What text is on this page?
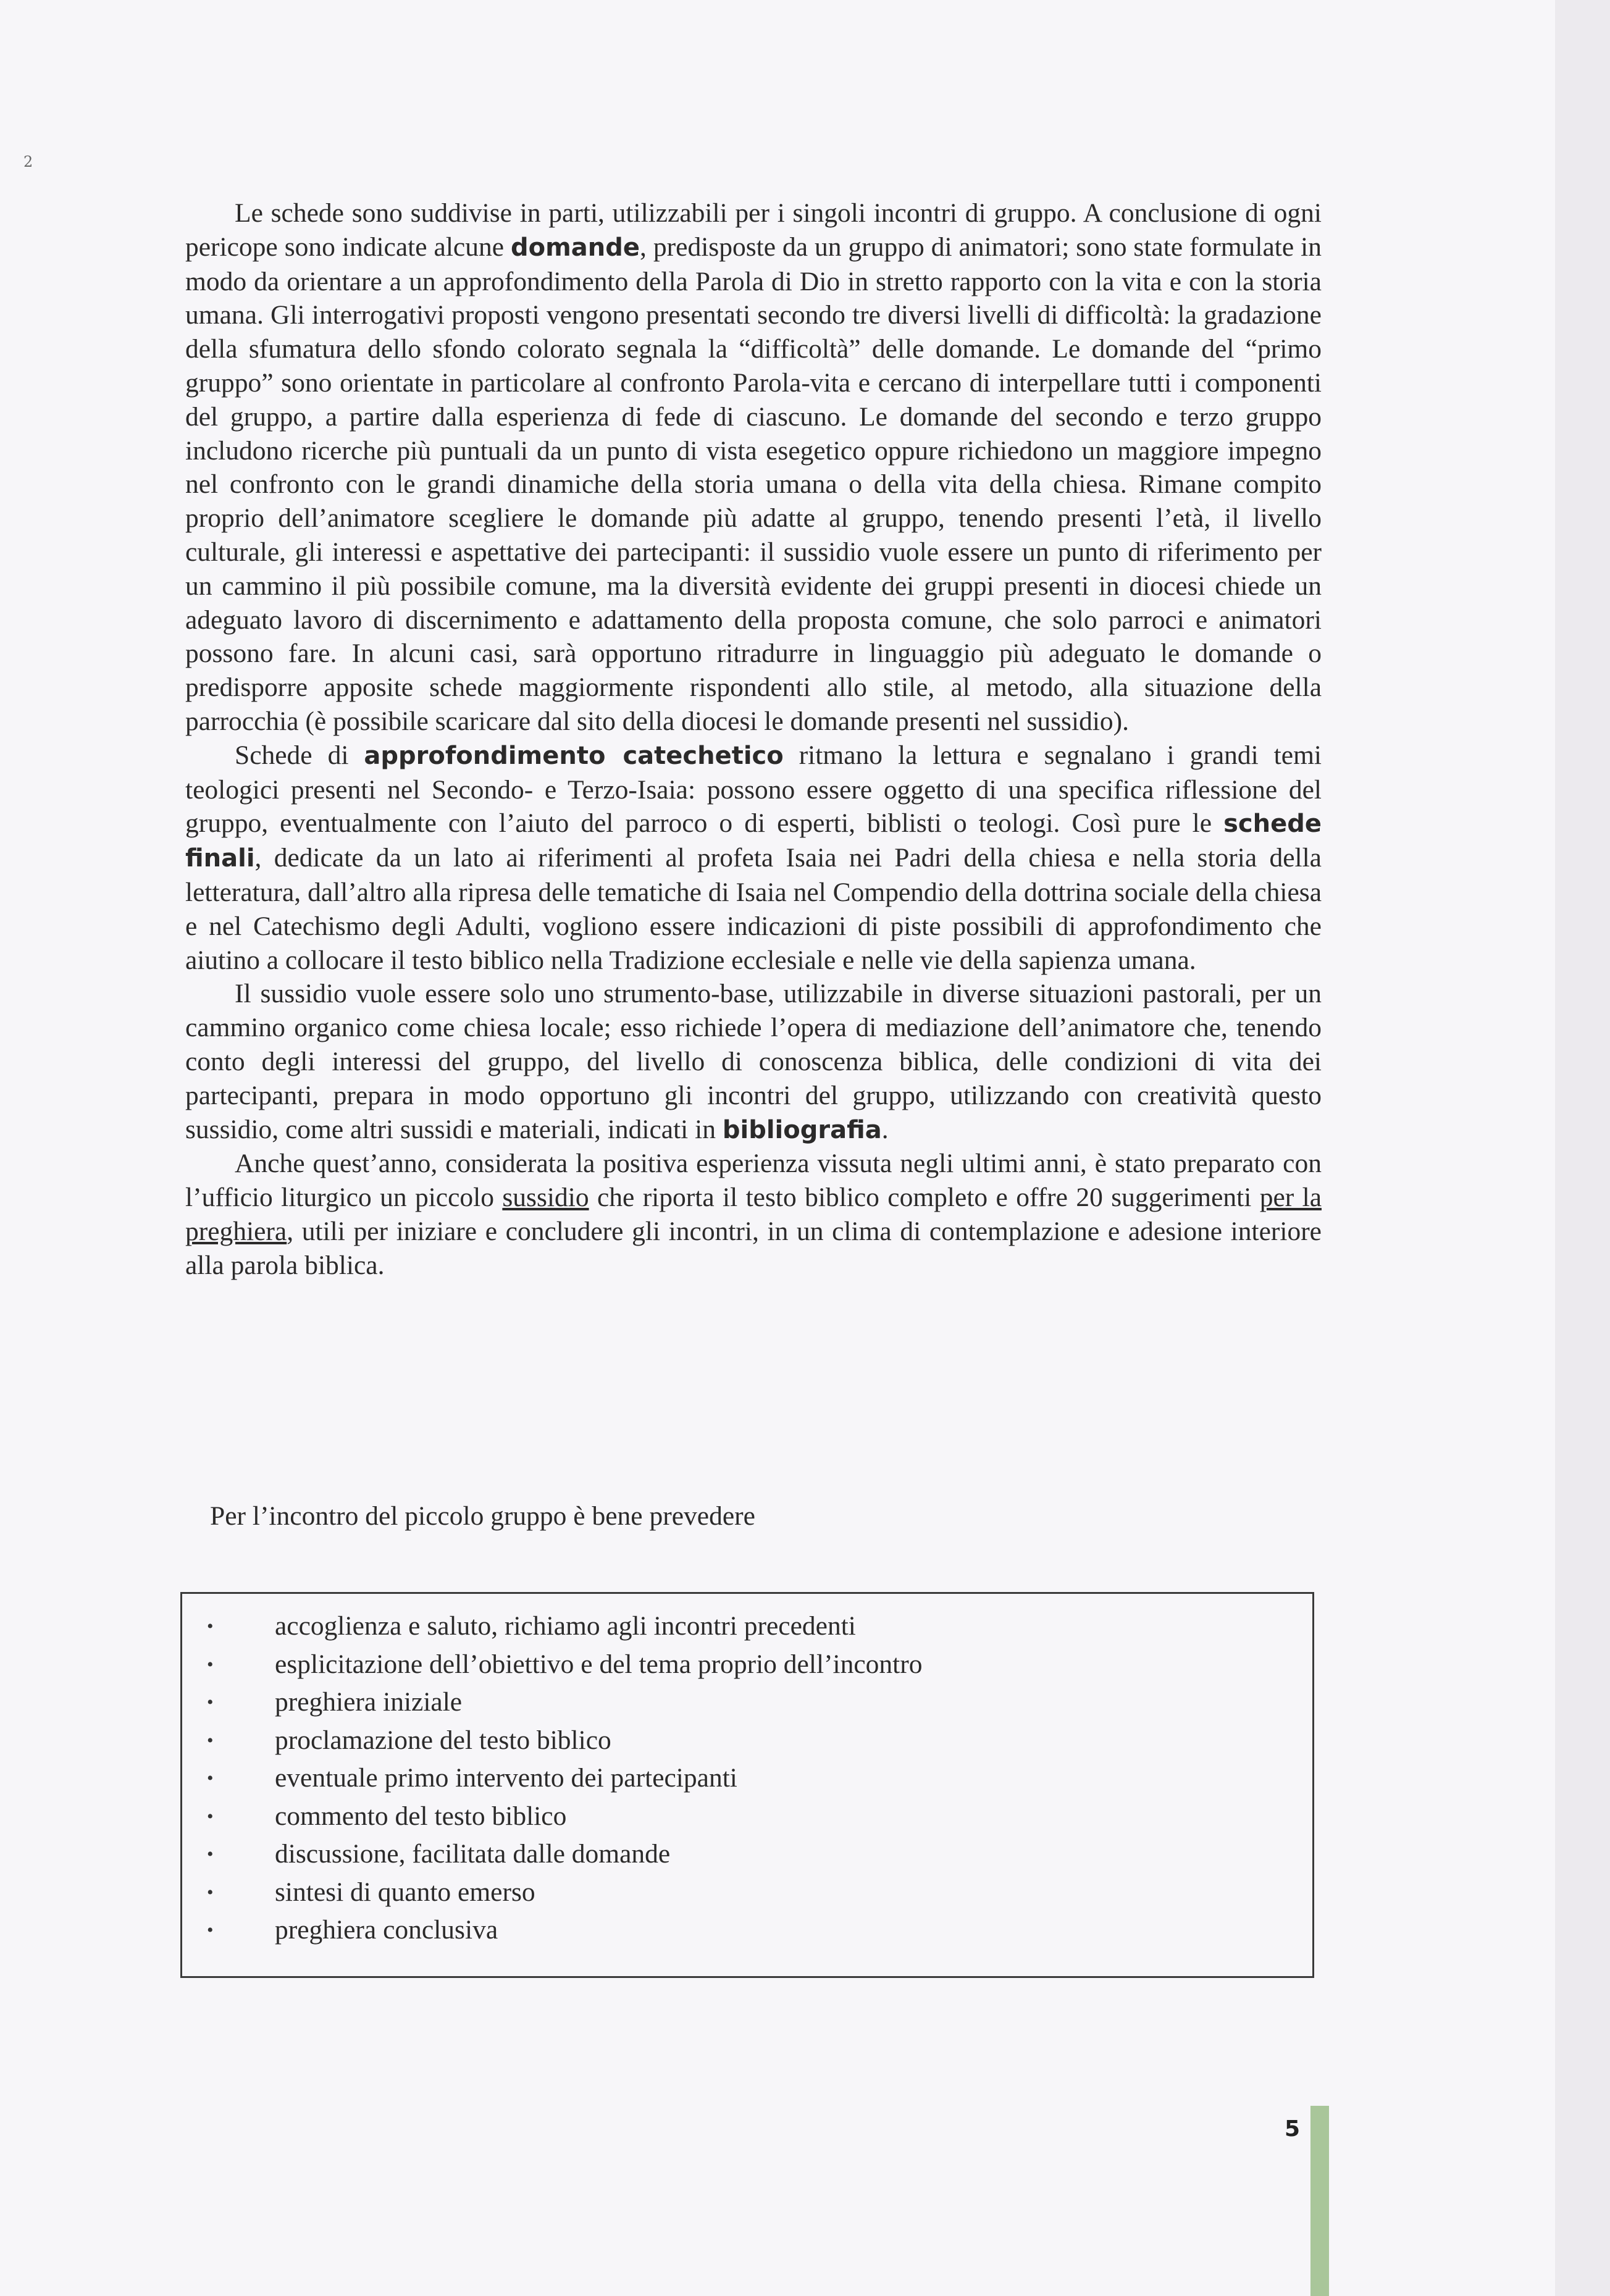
2

Le schede sono suddivise in parti, utilizzabili per i singoli incontri di gruppo. A conclusione di ogni pericope sono indicate alcune domande, predisposte da un gruppo di animatori; sono state formulate in modo da orientare a un approfondimento della Parola di Dio in stretto rapporto con la vita e con la storia umana. Gli interrogativi proposti vengono presentati secondo tre diversi livelli di difficoltà: la gradazione della sfumatura dello sfondo colorato segnala la “difficoltà” delle domande. Le domande del “primo gruppo” sono orientate in particolare al confronto Parola-vita e cercano di interpellare tutti i componenti del gruppo, a partire dalla esperienza di fede di ciascuno. Le domande del secondo e terzo gruppo includono ricerche più puntuali da un punto di vista esegetico oppure richiedono un maggiore impegno nel confronto con le grandi dinamiche della storia umana o della vita della chiesa. Rimane compito proprio dell’animatore scegliere le domande più adatte al gruppo, tenendo presenti l’età, il livello culturale, gli interessi e aspettative dei partecipanti: il sussidio vuole essere un punto di riferimento per un cammino il più possibile comune, ma la diversità evidente dei gruppi presenti in diocesi chiede un adeguato lavoro di discernimento e adattamento della proposta comune, che solo parroci e animatori possono fare. In alcuni casi, sarà opportuno ritradurre in linguaggio più adeguato le domande o predisporre apposite schede maggiormente rispondenti allo stile, al metodo, alla situazione della parrocchia (è possibile scaricare dal sito della diocesi le domande presenti nel sussidio).

Schede di approfondimento catechetico ritmano la lettura e segnalano i grandi temi teologici presenti nel Secondo- e Terzo-Isaia: possono essere oggetto di una specifica riflessione del gruppo, eventualmente con l’aiuto del parroco o di esperti, biblisti o teologi. Così pure le schede finali, dedicate da un lato ai riferimenti al profeta Isaia nei Padri della chiesa e nella storia della letteratura, dall’altro alla ripresa delle tematiche di Isaia nel Compendio della dottrina sociale della chiesa e nel Catechismo degli Adulti, vogliono essere indicazioni di piste possibili di approfondimento che aiutino a collocare il testo biblico nella Tradizione ecclesiale e nelle vie della sapienza umana.

Il sussidio vuole essere solo uno strumento-base, utilizzabile in diverse situazioni pastorali, per un cammino organico come chiesa locale; esso richiede l’opera di mediazione dell’animatore che, tenendo conto degli interessi del gruppo, del livello di conoscenza biblica, delle condizioni di vita dei partecipanti, prepara in modo opportuno gli incontri del gruppo, utilizzando con creatività questo sussidio, come altri sussidi e materiali, indicati in bibliografia.

Anche quest’anno, considerata la positiva esperienza vissuta negli ultimi anni, è stato preparato con l’ufficio liturgico un piccolo sussidio che riporta il testo biblico completo e offre 20 suggerimenti per la preghiera, utili per iniziare e concludere gli incontri, in un clima di contemplazione e adesione interiore alla parola biblica.

Per l’incontro del piccolo gruppo è bene prevedere
• accoglienza e saluto, richiamo agli incontri precedenti
• esplicitazione dell’obiettivo e del tema proprio dell’incontro
• preghiera iniziale
• proclamazione del testo biblico
• eventuale primo intervento dei partecipanti
• commento del testo biblico
• discussione, facilitata dalle domande
• sintesi di quanto emerso
• preghiera conclusiva
5
